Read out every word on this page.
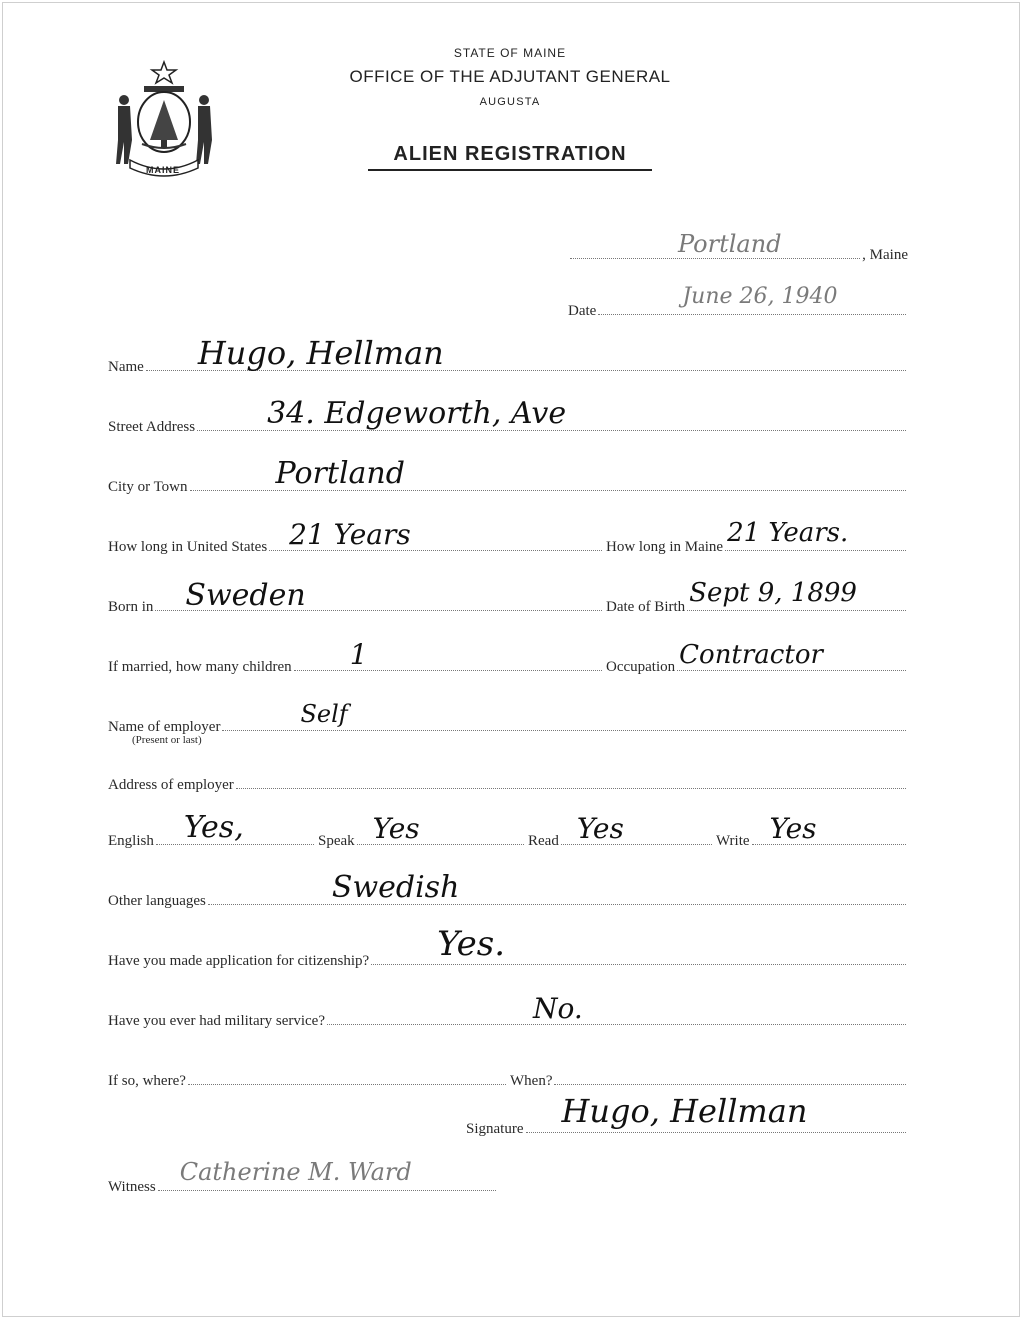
MAINE
STATE OF MAINE
OFFICE OF THE ADJUTANT GENERAL
AUGUSTA
ALIEN REGISTRATION
Portland	, Maine
Date
June 26, 1940
Name Hugo, Hellman
Street Address 34. Edgeworth, Ave
City or Town	Portland
How long in United States 21 Years	How long in Maine 21 Years.
Born in Sweden	Date of Birth Sept 9, 1899
If married, how many children 1	Occupation Contractor
Name of employer	Self
(Present or last)
Address of employer
English Yes,	Speak Yes	Read Yes	Write Yes
Other languages	Swedish
Have you made application for citizenship? Yes.
Have you ever had military service?	No.
If so, where?	When?
Signature Hugo, Hellman
Witness
Catherine M. Ward
